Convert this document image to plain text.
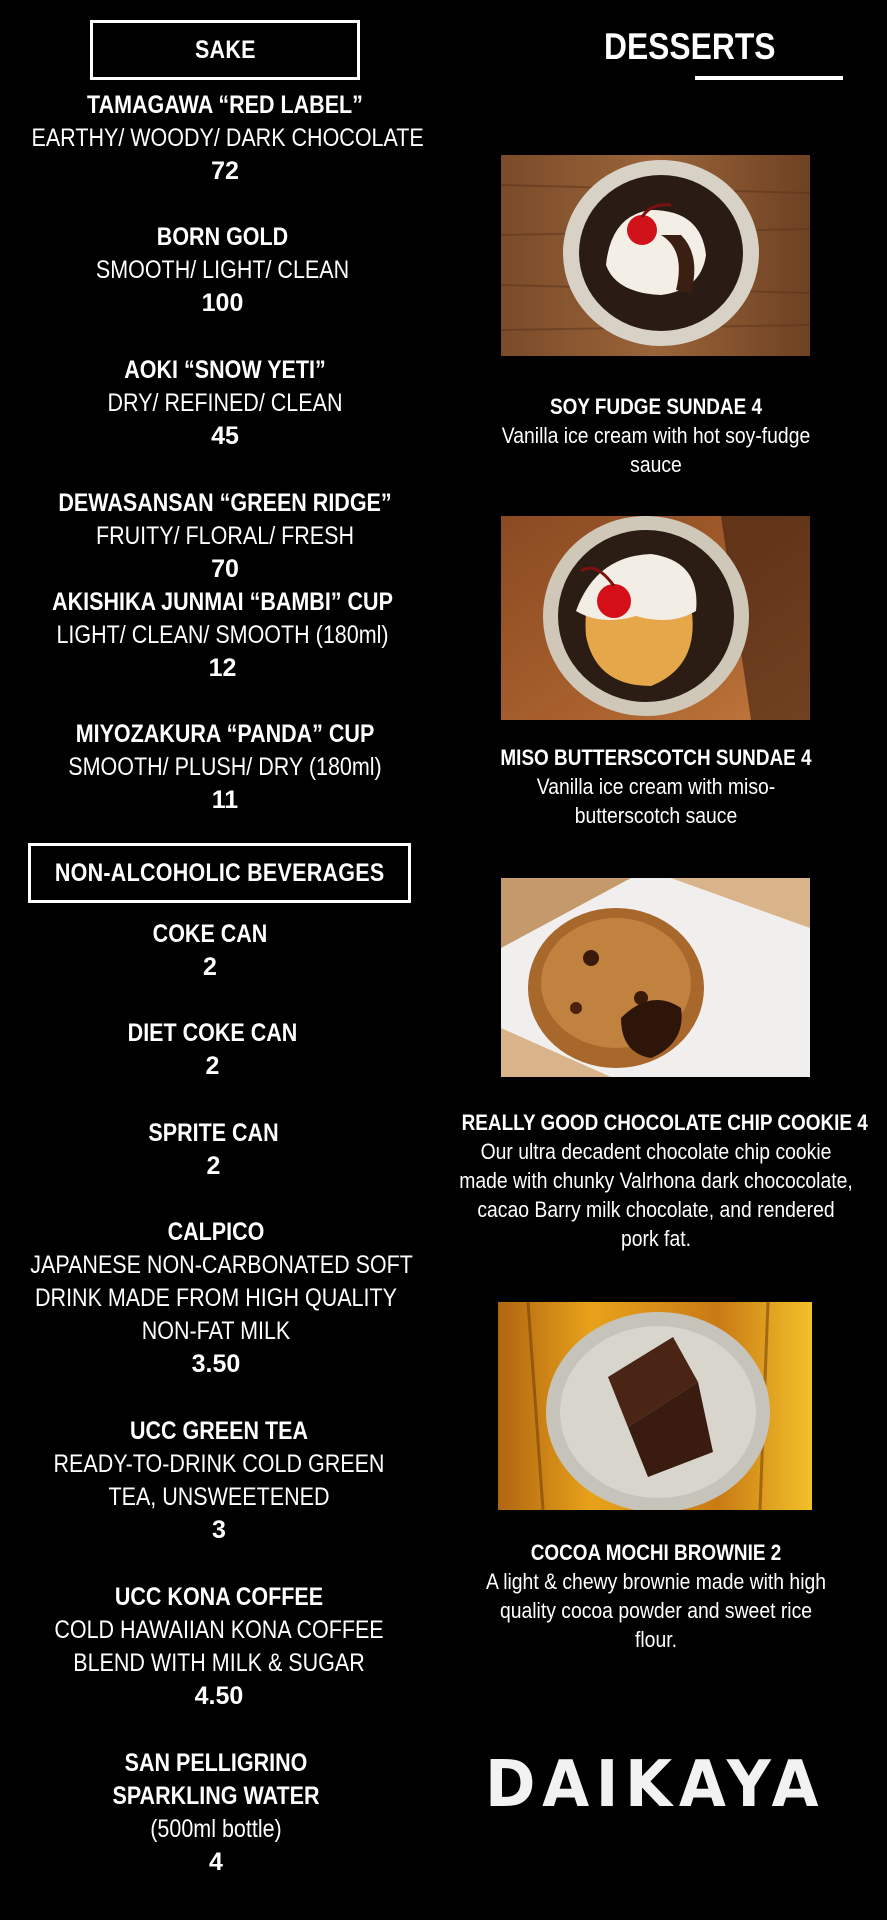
SAKE
TAMAGAWA “RED LABEL”
EARTHY/ WOODY/ DARK CHOCOLATE
72
BORN GOLD
SMOOTH/ LIGHT/ CLEAN
100
AOKI “SNOW YETI”
DRY/ REFINED/ CLEAN
45
DEWASANSAN “GREEN RIDGE”
FRUITY/ FLORAL/ FRESH
70
AKISHIKA JUNMAI “BAMBI” CUP
LIGHT/ CLEAN/ SMOOTH (180ml)
12
MIYOZAKURA “PANDA” CUP
SMOOTH/ PLUSH/ DRY (180ml)
11
NON-ALCOHOLIC BEVERAGES
COKE CAN
2
DIET COKE CAN
2
SPRITE CAN
2
CALPICO
JAPANESE NON-CARBONATED SOFT
DRINK MADE FROM HIGH QUALITY
NON-FAT MILK
3.50
UCC GREEN TEA
READY-TO-DRINK COLD GREEN
TEA, UNSWEETENED
3
UCC KONA COFFEE
COLD HAWAIIAN KONA COFFEE
BLEND WITH MILK & SUGAR
4.50
SAN PELLIGRINO
SPARKLING WATER
(500ml bottle)
4
DESSERTS
SOY FUDGE SUNDAE 4
Vanilla ice cream with hot soy-fudge
sauce
MISO BUTTERSCOTCH SUNDAE 4
Vanilla ice cream with miso-
butterscotch sauce
REALLY GOOD CHOCOLATE CHIP COOKIE 4
Our ultra decadent chocolate chip cookie
made with chunky Valrhona dark chococolate,
cacao Barry milk chocolate, and rendered
pork fat.
COCOA MOCHI BROWNIE 2
A light & chewy brownie made with high
quality cocoa powder and sweet rice
flour.
DAIKAYA
